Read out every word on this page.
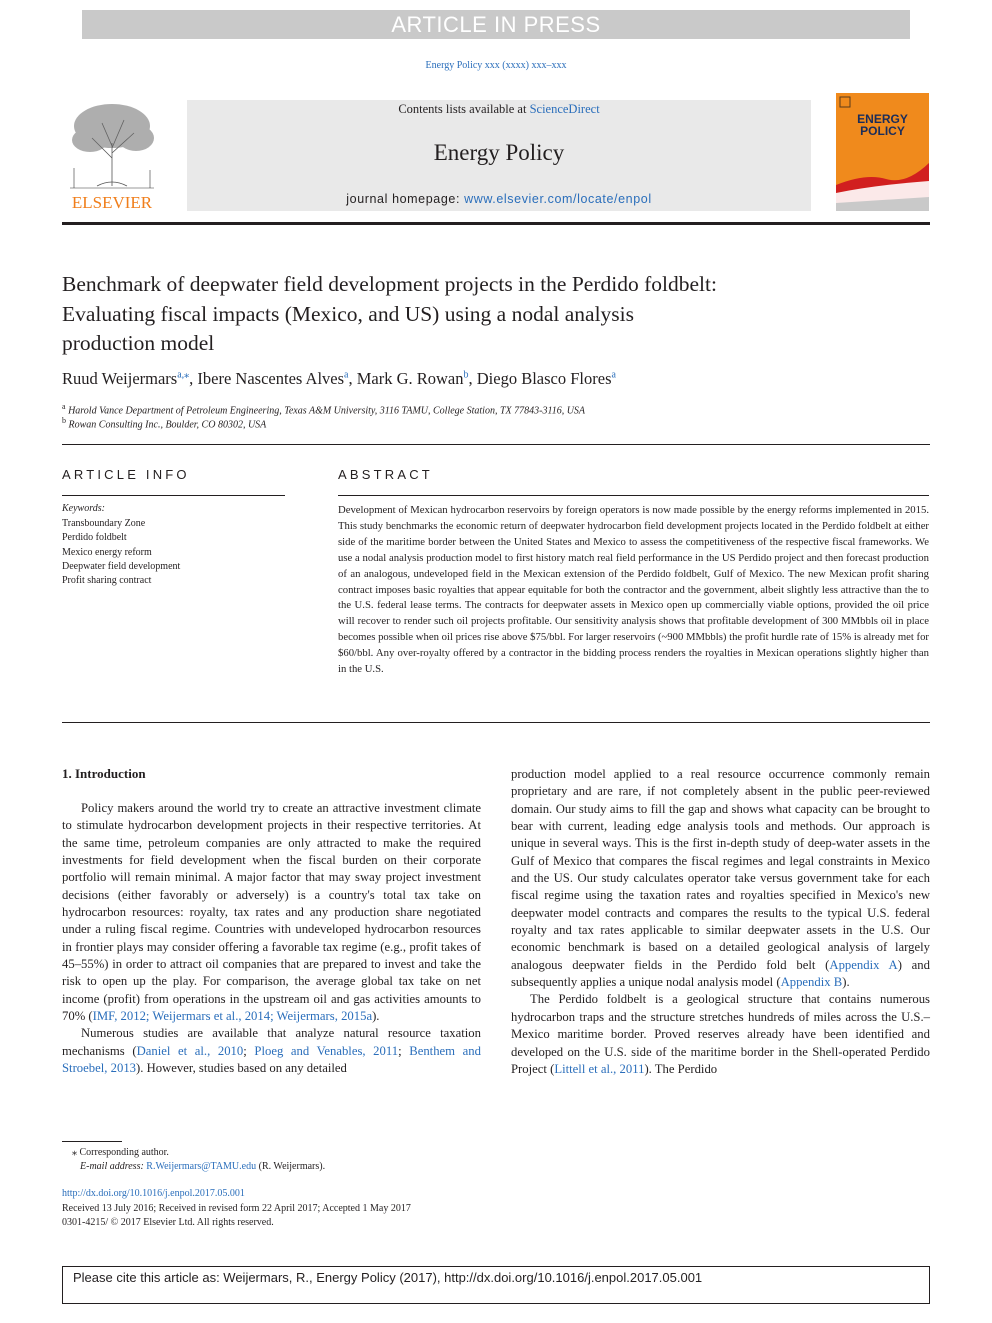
ARTICLE IN PRESS
Energy Policy xxx (xxxx) xxx–xxx
ELSEVIER
Contents lists available at ScienceDirect
Energy Policy
journal homepage: www.elsevier.com/locate/enpol
ENERGY
POLICY
Benchmark of deepwater field development projects in the Perdido foldbelt:
Evaluating fiscal impacts (Mexico, and US) using a nodal analysis
production model
Ruud Weijermars$^{a,⁎}$, Ibere Nascentes Alves$^a$, Mark G. Rowan$^b$, Diego Blasco Flores$^a$
$^a$ Harold Vance Department of Petroleum Engineering, Texas A&M University, 3116 TAMU, College Station, TX 77843-3116, USA
$^b$ Rowan Consulting Inc., Boulder, CO 80302, USA
ARTICLE INFO
Keywords:
Transboundary Zone
Perdido foldbelt
Mexico energy reform
Deepwater field development
Profit sharing contract
ABSTRACT
Development of Mexican hydrocarbon reservoirs by foreign operators is now made possible by the energy reforms implemented in 2015. This study benchmarks the economic return of deepwater hydrocarbon field development projects located in the Perdido foldbelt at either side of the maritime border between the United States and Mexico to assess the competitiveness of the respective fiscal frameworks. We use a nodal analysis production model to first history match real field performance in the US Perdido project and then forecast production of an analogous, undeveloped field in the Mexican extension of the Perdido foldbelt, Gulf of Mexico. The new Mexican profit sharing contract imposes basic royalties that appear equitable for both the contractor and the government, albeit slightly less attractive than the to the U.S. federal lease terms. The contracts for deepwater assets in Mexico open up commercially viable options, provided the oil price will recover to render such oil projects profitable. Our sensitivity analysis shows that profitable development of 300 MMbbls oil in place becomes possible when oil prices rise above $75/bbl. For larger reservoirs (~900 MMbbls) the profit hurdle rate of 15% is already met for $60/bbl. Any over-royalty offered by a contractor in the bidding process renders the royalties in Mexican operations slightly higher than in the U.S.
1. Introduction

Policy makers around the world try to create an attractive investment climate to stimulate hydrocarbon development projects in their respective territories. At the same time, petroleum companies are only attracted to make the required investments for field development when the fiscal burden on their corporate portfolio will remain minimal. A major factor that may sway project investment decisions (either favorably or adversely) is a country's total tax take on hydrocarbon resources: royalty, tax rates and any production share negotiated under a ruling fiscal regime. Countries with undeveloped hydrocarbon resources in frontier plays may consider offering a favorable tax regime (e.g., profit takes of 45–55%) in order to attract oil companies that are prepared to invest and take the risk to open up the play. For comparison, the average global tax take on net income (profit) from operations in the upstream oil and gas activities amounts to 70% (IMF, 2012; Weijermars et al., 2014; Weijermars, 2015a).

Numerous studies are available that analyze natural resource taxation mechanisms (Daniel et al., 2010; Ploeg and Venables, 2011; Benthem and Stroebel, 2013). However, studies based on any detailed

production model applied to a real resource occurrence commonly remain proprietary and are rare, if not completely absent in the public peer-reviewed domain. Our study aims to fill the gap and shows what capacity can be brought to bear with current, leading edge analysis tools and methods. Our approach is unique in several ways. This is the first in-depth study of deep-water assets in the Gulf of Mexico that compares the fiscal regimes and legal constraints in Mexico and the US. Our study calculates operator take versus government take for each fiscal regime using the taxation rates and royalties specified in Mexico's new deepwater model contracts and compares the results to the typical U.S. federal royalty and tax rates applicable to similar deepwater assets in the U.S. Our economic benchmark is based on a detailed geological analysis of largely analogous deepwater fields in the Perdido fold belt (Appendix A) and subsequently applies a unique nodal analysis model (Appendix B).

The Perdido foldbelt is a geological structure that contains numerous hydrocarbon traps and the structure stretches hundreds of miles across the U.S.–Mexico maritime border. Proved reserves already have been identified and developed on the U.S. side of the maritime border in the Shell-operated Perdido Project (Littell et al., 2011). The Perdido

⁎ Corresponding author.
E-mail address: R.Weijermars@TAMU.edu (R. Weijermars).
http://dx.doi.org/10.1016/j.enpol.2017.05.001
Received 13 July 2016; Received in revised form 22 April 2017; Accepted 1 May 2017
0301-4215/ © 2017 Elsevier Ltd. All rights reserved.
Please cite this article as: Weijermars, R., Energy Policy (2017), http://dx.doi.org/10.1016/j.enpol.2017.05.001
